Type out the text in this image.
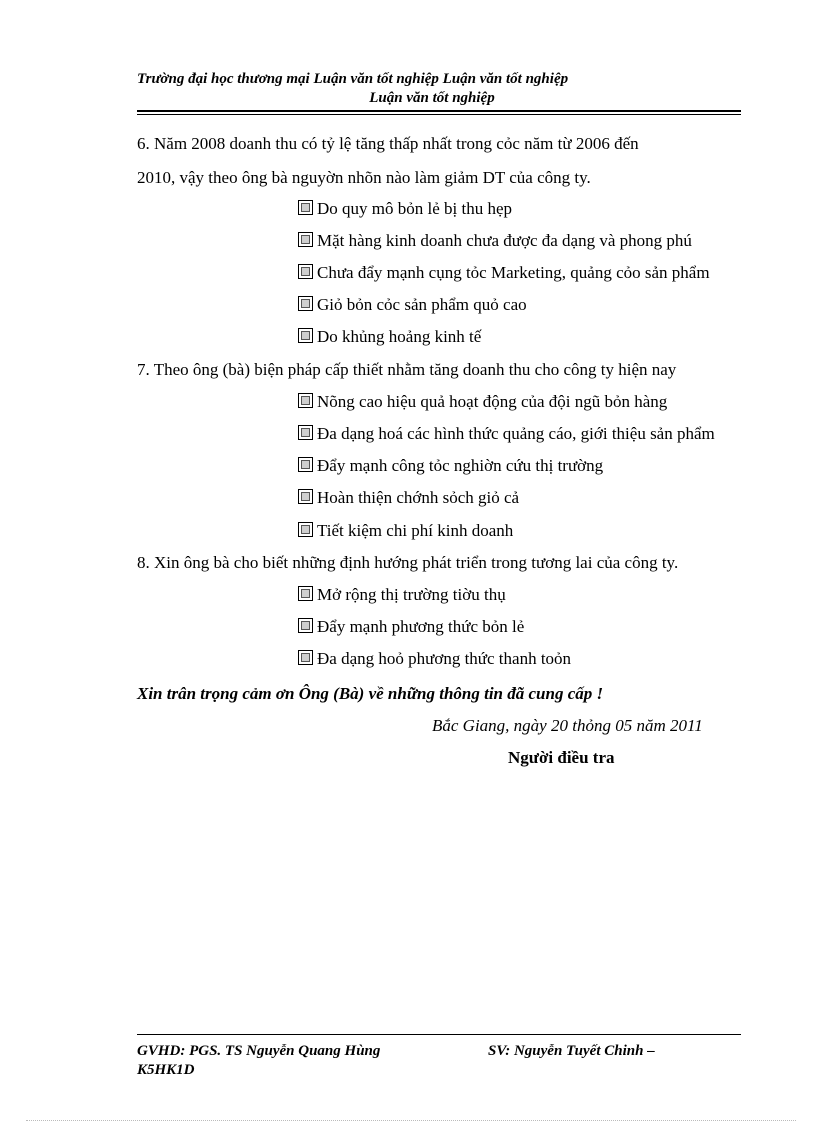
Trường đại học thương mại Luận văn tốt nghiệp Luận văn tốt nghiệp
Luận văn tốt nghiệp
6. Năm 2008 doanh thu có tỷ lệ tăng thấp nhất trong cỏc năm từ 2006 đến
2010, vậy theo ông bà nguyờn nhõn nào làm giảm DT của công ty.
Do quy mô bỏn lẻ bị thu hẹp
Mặt hàng kinh doanh chưa được đa dạng và phong phú
Chưa đẩy mạnh cụng tỏc Marketing, quảng cỏo sản phẩm
Giỏ bỏn cỏc sản phẩm quỏ cao
Do khủng hoảng kinh tế
7. Theo ông (bà) biện pháp cấp thiết nhằm tăng doanh thu cho công ty hiện nay
Nõng cao hiệu quả hoạt động của đội ngũ bỏn hàng
Đa dạng hoá các hình thức quảng cáo, giới thiệu sản phẩm
Đẩy mạnh công tỏc nghiờn cứu thị trường
Hoàn thiện chớnh sỏch giỏ cả
Tiết kiệm chi phí kinh doanh
8. Xin ông bà cho biết những định hướng phát triển trong tương lai của công ty.
Mở rộng thị trường tiờu thụ
Đẩy mạnh phương thức bỏn lẻ
Đa dạng hoỏ phương thức thanh toỏn
Xin trân trọng cảm ơn Ông (Bà) về những thông tin đã cung cấp !
Bắc Giang, ngày 20 thỏng 05 năm 2011
Người điều tra
GVHD: PGS. TS Nguyễn Quang Hùng	SV: Nguyễn Tuyết Chinh –
K5HK1D
